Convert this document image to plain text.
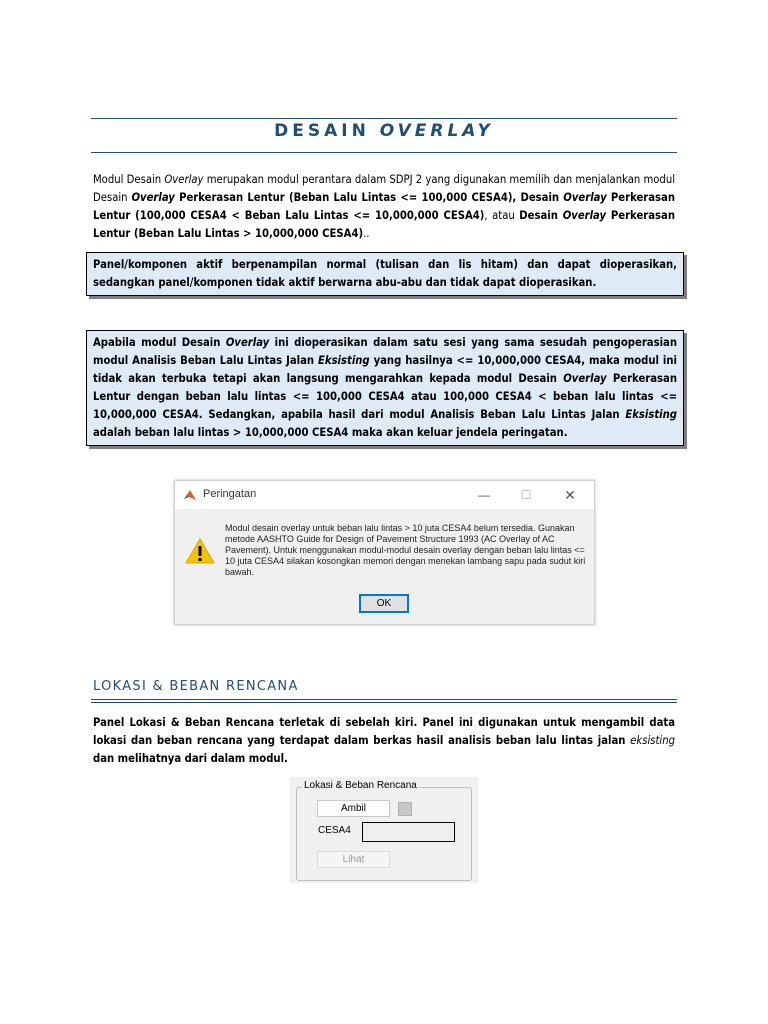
DESAIN OVERLAY
Modul Desain Overlay merupakan modul perantara dalam SDPJ 2 yang digunakan memilih dan menjalankan modul Desain Overlay Perkerasan Lentur (Beban Lalu Lintas <= 100,000 CESA4), Desain Overlay Perkerasan Lentur (100,000 CESA4 < Beban Lalu Lintas <= 10,000,000 CESA4), atau Desain Overlay Perkerasan Lentur (Beban Lalu Lintas > 10,000,000 CESA4)..
Panel/komponen aktif berpenampilan normal (tulisan dan lis hitam) dan dapat dioperasikan, sedangkan panel/komponen tidak aktif berwarna abu-abu dan tidak dapat dioperasikan.
Apabila modul Desain Overlay ini dioperasikan dalam satu sesi yang sama sesudah pengoperasian modul Analisis Beban Lalu Lintas Jalan Eksisting yang hasilnya <= 10,000,000 CESA4, maka modul ini tidak akan terbuka tetapi akan langsung mengarahkan kepada modul Desain Overlay Perkerasan Lentur dengan beban lalu lintas <= 100,000 CESA4 atau 100,000 CESA4 < beban lalu lintas <= 10,000,000 CESA4. Sedangkan, apabila hasil dari modul Analisis Beban Lalu Lintas Jalan Eksisting adalah beban lalu lintas > 10,000,000 CESA4 maka akan keluar jendela peringatan.
Peringatan	—	☐	✕
Modul desain overlay untuk beban lalu lintas > 10 juta CESA4 belum tersedia. Gunakan metode AASHTO Guide for Design of Pavement Structure 1993 (AC Overlay of AC Pavement). Untuk menggunakan modul-modul desain overlay dengan beban lalu lintas <= 10 juta CESA4 silakan kosongkan memori dengan menekan lambang sapu pada sudut kiri bawah.
OK
LOKASI & BEBAN RENCANA
Panel Lokasi & Beban Rencana terletak di sebelah kiri. Panel ini digunakan untuk mengambil data lokasi dan beban rencana yang terdapat dalam berkas hasil analisis beban lalu lintas jalan eksisting dan melihatnya dari dalam modul.
Lokasi & Beban Rencana
Ambil
CESA4
Lihat
